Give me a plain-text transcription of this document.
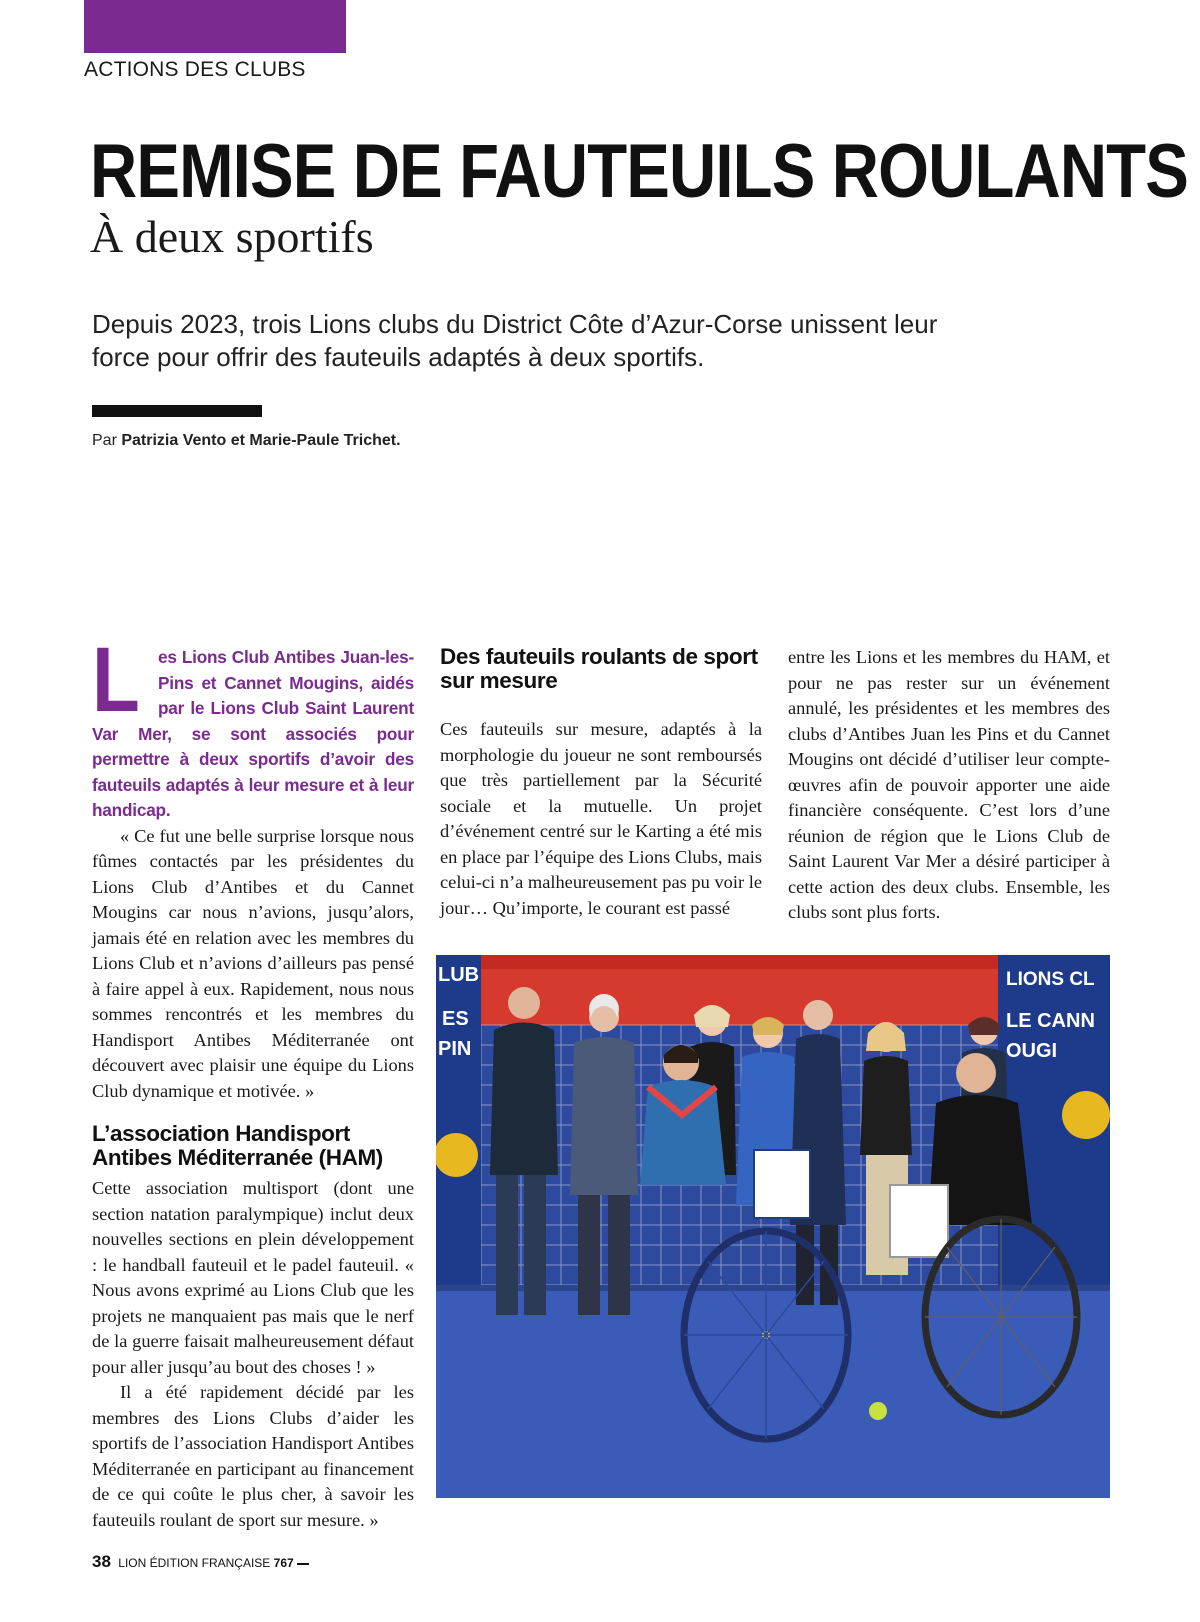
ACTIONS DES CLUBS
REMISE DE FAUTEUILS ROULANTS
À deux sportifs
Depuis 2023, trois Lions clubs du District Côte d’Azur-Corse unissent leur force pour offrir des fauteuils adaptés à deux sportifs.
Par Patrizia Vento et Marie-Paule Trichet.

L es Lions Club Antibes Juan-les-Pins et Cannet Mougins, aidés par le Lions Club Saint Laurent Var Mer, se sont associés pour permettre à deux sportifs d’avoir des fauteuils adaptés à leur mesure et à leur handicap.

« Ce fut une belle surprise lorsque nous fûmes contactés par les présidentes du Lions Club d’Antibes et du Cannet Mougins car nous n’avions, jusqu’alors, jamais été en relation avec les membres du Lions Club et n’avions d’ailleurs pas pensé à faire appel à eux. Rapidement, nous nous sommes rencontrés et les membres du Handisport Antibes Méditerranée ont découvert avec plaisir une équipe du Lions Club dynamique et motivée. »

L’association Handisport Antibes Méditerranée (HAM)

Cette association multisport (dont une section natation paralympique) inclut deux nouvelles sections en plein développement : le handball fauteuil et le padel fauteuil. « Nous avons exprimé au Lions Club que les projets ne manquaient pas mais que le nerf de la guerre faisait malheureusement défaut pour aller jusqu’au bout des choses ! »

Il a été rapidement décidé par les membres des Lions Clubs d’aider les sportifs de l’association Handisport Antibes Méditerranée en participant au financement de ce qui coûte le plus cher, à savoir les fauteuils roulant de sport sur mesure. »

Des fauteuils roulants de sport sur mesure

Ces fauteuils sur mesure, adaptés à la morphologie du joueur ne sont remboursés que très partiellement par la Sécurité sociale et la mutuelle. Un projet d’événement centré sur le Karting a été mis en place par l’équipe des Lions Clubs, mais celui-ci n’a malheureusement pas pu voir le jour… Qu’importe, le courant est passé

entre les Lions et les membres du HAM, et pour ne pas rester sur un événement annulé, les présidentes et les membres des clubs d’Antibes Juan les Pins et du Cannet Mougins ont décidé d’utiliser leur compte-œuvres afin de pouvoir apporter une aide financière conséquente. C’est lors d’une réunion de région que le Lions Club de Saint Laurent Var Mer a désiré participer à cette action des deux clubs. Ensemble, les clubs sont plus forts.

LUB
ES
PIN
LIONS CL
LE CANN
OUGI
38 LION ÉDITION FRANÇAISE 767
